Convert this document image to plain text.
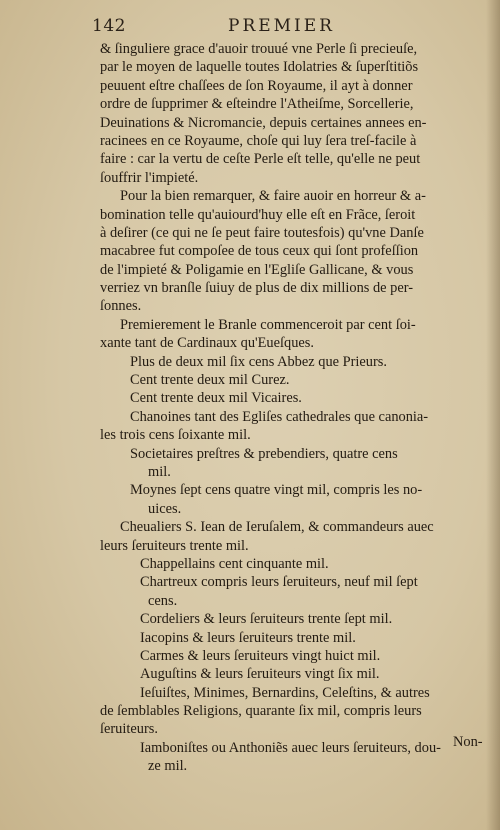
142	PREMIER
& ſinguliere grace d'auoir trouué vne Perle ſi precieuſe,
par le moyen de laquelle toutes Idolatries & ſuperſtitiõs
peuuent eſtre chaſſees de ſon Royaume, il ayt à donner
ordre de ſupprimer & eſteindre l'Atheiſme, Sorcellerie,
Deuinations & Nicromancie, depuis certaines annees en-
racinees en ce Royaume, choſe qui luy ſera treſ-facile à
faire : car la vertu de ceſte Perle eſt telle, qu'elle ne peut
ſouffrir l'impieté.
Pour la bien remarquer, & faire auoir en horreur & a-
bomination telle qu'auiourd'huy elle eſt en Frãce, ſeroit
à deſirer (ce qui ne ſe peut faire toutesfois) qu'vne Danſe
macabree fut compoſee de tous ceux qui ſont profeſſion
de l'impieté & Poligamie en l'Egliſe Gallicane, & vous
verriez vn branſle ſuiuy de plus de dix millions de per-
ſonnes.
Premierement le Branle commenceroit par cent ſoi-
xante tant de Cardinaux qu'Eueſques.
Plus de deux mil ſix cens Abbez que Prieurs.
Cent trente deux mil Curez.
Cent trente deux mil Vicaires.
Chanoines tant des Egliſes cathedrales que canonia-
les trois cens ſoixante mil.
Societaires preſtres & prebendiers, quatre cens
mil.
Moynes ſept cens quatre vingt mil, compris les no-
uices.
Cheualiers S. Iean de Ieruſalem, & commandeurs auec
leurs ſeruiteurs trente mil.
Chappellains cent cinquante mil.
Chartreux compris leurs ſeruiteurs, neuf mil ſept
cens.
Cordeliers & leurs ſeruiteurs trente ſept mil.
Iacopins & leurs ſeruiteurs trente mil.
Carmes & leurs ſeruiteurs vingt huict mil.
Auguſtins & leurs ſeruiteurs vingt ſix mil.
Ieſuiſtes, Minimes, Bernardins, Celeſtins, & autres
de ſemblables Religions, quarante ſix mil, compris leurs
ſeruiteurs.
Iamboniſtes ou Anthoniẽs auec leurs ſeruiteurs, dou-
ze mil.
Non-
